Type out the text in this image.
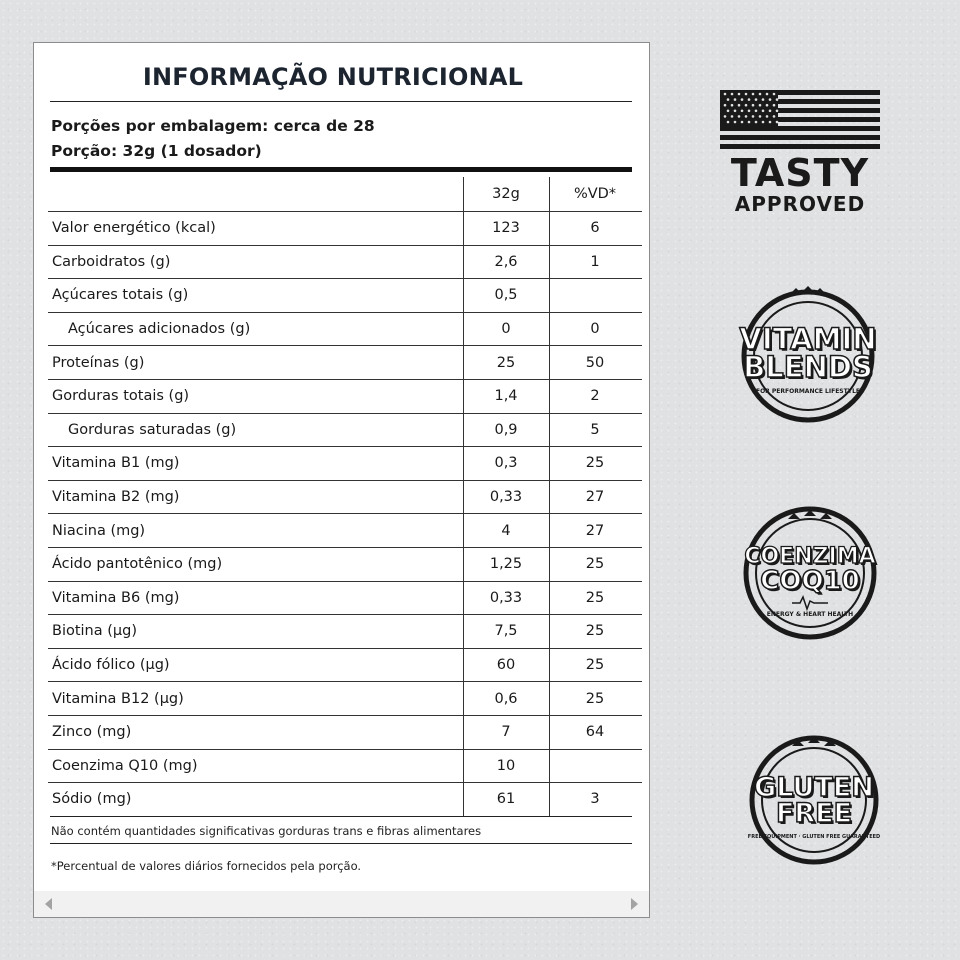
INFORMAÇÃO NUTRICIONAL
Porções por embalagem: cerca de 28
Porção: 32g (1 dosador)
32g	%VD*
Valor energético (kcal)	123	6
Carboidratos (g)	2,6	1
Açúcares totais (g)	0,5
Açúcares adicionados (g)	0	0
Proteínas (g)	25	50
Gorduras totais (g)	1,4	2
Gorduras saturadas (g)	0,9	5
Vitamina B1 (mg)	0,3	25
Vitamina B2 (mg)	0,33	27
Niacina (mg)	4	27
Ácido pantotênico (mg)	1,25	25
Vitamina B6 (mg)	0,33	25
Biotina (µg)	7,5	25
Ácido fólico (µg)	60	25
Vitamina B12 (µg)	0,6	25
Zinco (mg)	7	64
Coenzima Q10 (mg)	10
Sódio (mg)	61	3
Não contém quantidades significativas gorduras trans e fibras alimentares
*Percentual de valores diários fornecidos pela porção.
TASTY
APPROVED
VITAMIN
BLENDS
FOR PERFORMANCE LIFESTYLE
COENZIMA
COQ10
ENERGY & HEART HEALTH
GLUTEN
FREE
FREE EQUIPMENT · GLUTEN FREE GUARANTEED
